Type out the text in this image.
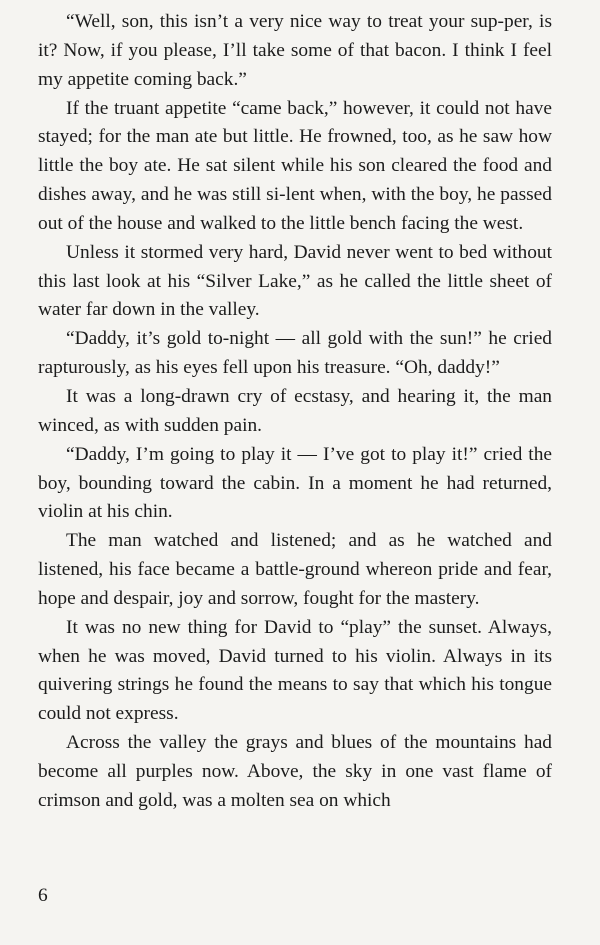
“Well, son, this isn’t a very nice way to treat your sup-per, is it? Now, if you please, I’ll take some of that bacon. I think I feel my appetite coming back.”

If the truant appetite “came back,” however, it could not have stayed; for the man ate but little. He frowned, too, as he saw how little the boy ate. He sat silent while his son cleared the food and dishes away, and he was still si-lent when, with the boy, he passed out of the house and walked to the little bench facing the west.

Unless it stormed very hard, David never went to bed without this last look at his “Silver Lake,” as he called the little sheet of water far down in the valley.

“Daddy, it’s gold to-night — all gold with the sun!” he cried rapturously, as his eyes fell upon his treasure. “Oh, daddy!”

It was a long-drawn cry of ecstasy, and hearing it, the man winced, as with sudden pain.

“Daddy, I’m going to play it — I’ve got to play it!” cried the boy, bounding toward the cabin. In a moment he had returned, violin at his chin.

The man watched and listened; and as he watched and listened, his face became a battle-ground whereon pride and fear, hope and despair, joy and sorrow, fought for the mastery.

It was no new thing for David to “play” the sunset. Always, when he was moved, David turned to his violin. Always in its quivering strings he found the means to say that which his tongue could not express.

Across the valley the grays and blues of the mountains had become all purples now. Above, the sky in one vast flame of crimson and gold, was a molten sea on which

6
